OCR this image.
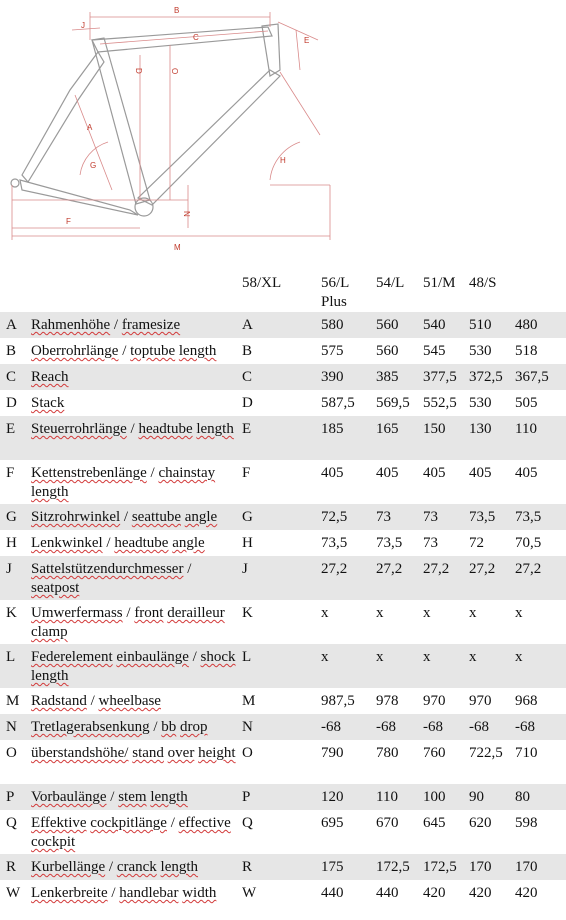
B
J
C	E
D	O
A
G
H
N
F
M
		58/XL		56/L Plus	54/L	51/M	48/S	
A	Rahmenhöhe / framesize	A		580	560	540	510	480
B	Oberrohrlänge / toptube length	B		575	560	545	530	518
C	Reach	C		390	385	377,5	372,5	367,5
D	Stack	D		587,5	569,5	552,5	530	505
E	Steuerrohrlänge / headtube length	E		185	165	150	130	110
F	Kettenstrebenlänge / chainstay length	F		405	405	405	405	405
G	Sitzrohrwinkel / seattube angle	G		72,5	73	73	73,5	73,5
H	Lenkwinkel / headtube angle	H		73,5	73,5	73	72	70,5
J	Sattelstützendurchmesser / seatpost	J		27,2	27,2	27,2	27,2	27,2
K	Umwerfermass / front derailleur clamp	K		x	x	x	x	x
L	Federelement einbaulänge / shock length	L		x	x	x	x	x
M	Radstand / wheelbase	M		987,5	978	970	970	968
N	Tretlagerabsenkung / bb drop	N		-68	-68	-68	-68	-68
O	überstandshöhe/ stand over height	O		790	780	760	722,5	710
P	Vorbaulänge / stem length	P		120	110	100	90	80
Q	Effektive cockpitlänge / effective cockpit	Q		695	670	645	620	598
R	Kurbellänge / cranck length	R		175	172,5	172,5	170	170
W	Lenkerbreite / handlebar width	W		440	440	420	420	420
